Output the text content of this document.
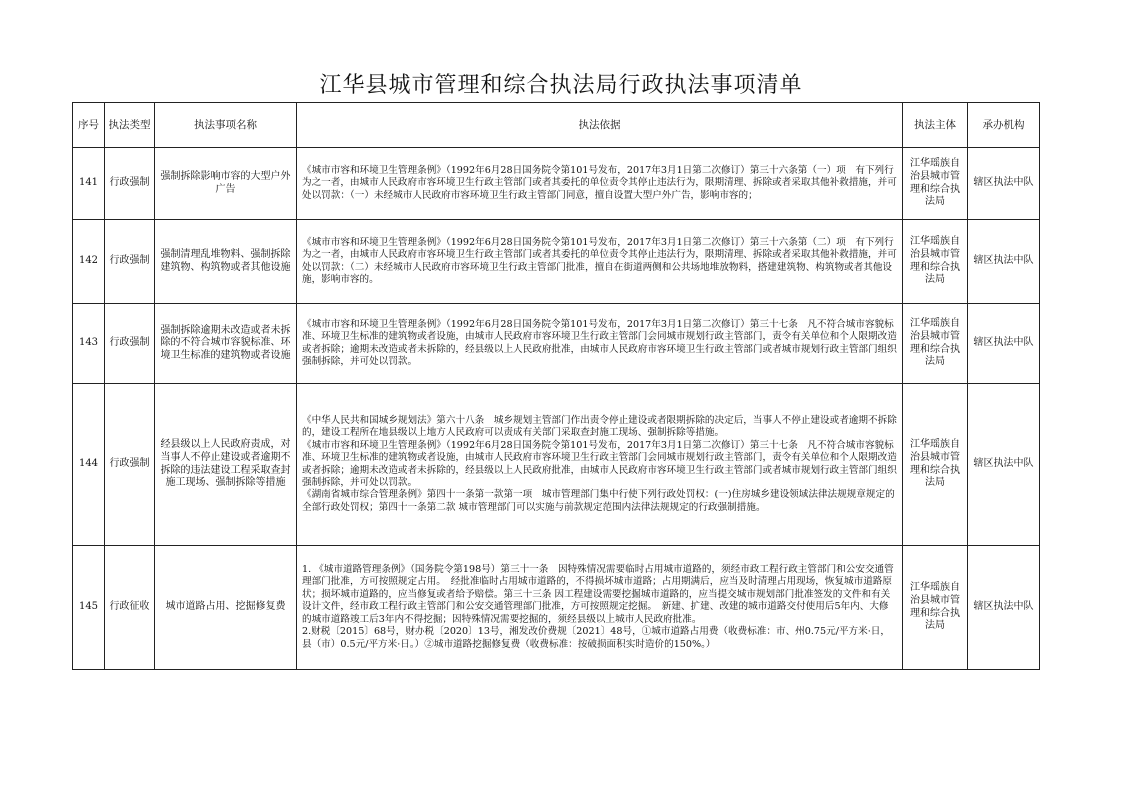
江华县城市管理和综合执法局行政执法事项清单
序号	执法类型	执法事项名称	执法依据	执法主体	承办机构
141	行政强制	强制拆除影响市容的大型户外广告	《城市市容和环境卫生管理条例》（1992年6月28日国务院令第101号发布，2017年3月1日第二次修订）第三十六条第（一）项　有下列行为之一者，由城市人民政府市容环境卫生行政主管部门或者其委托的单位责令其停止违法行为，限期清理、拆除或者采取其他补救措施，并可处以罚款：（一）未经城市人民政府市容环境卫生行政主管部门同意，擅自设置大型户外广告，影响市容的；	江华瑶族自治县城市管理和综合执法局	辖区执法中队
142	行政强制	强制清理乱堆物料、强制拆除建筑物、构筑物或者其他设施	《城市市容和环境卫生管理条例》（1992年6月28日国务院令第101号发布，2017年3月1日第二次修订）第三十六条第（二）项　有下列行为之一者，由城市人民政府市容环境卫生行政主管部门或者其委托的单位责令其停止违法行为，限期清理、拆除或者采取其他补救措施，并可处以罚款：（二）未经城市人民政府市容环境卫生行政主管部门批准，擅自在街道两侧和公共场地堆放物料，搭建建筑物、构筑物或者其他设施，影响市容的。	江华瑶族自治县城市管理和综合执法局	辖区执法中队
143	行政强制	强制拆除逾期未改造或者未拆除的不符合城市容貌标准、环境卫生标准的建筑物或者设施	《城市市容和环境卫生管理条例》（1992年6月28日国务院令第101号发布，2017年3月1日第二次修订）第三十七条　凡不符合城市容貌标准、环境卫生标准的建筑物或者设施，由城市人民政府市容环境卫生行政主管部门会同城市规划行政主管部门，责令有关单位和个人限期改造或者拆除；逾期未改造或者未拆除的，经县级以上人民政府批准，由城市人民政府市容环境卫生行政主管部门或者城市规划行政主管部门组织强制拆除，并可处以罚款。	江华瑶族自治县城市管理和综合执法局	辖区执法中队
144	行政强制	经县级以上人民政府责成，对当事人不停止建设或者逾期不拆除的违法建设工程采取查封施工现场、强制拆除等措施	《中华人民共和国城乡规划法》第六十八条　城乡规划主管部门作出责令停止建设或者限期拆除的决定后，当事人不停止建设或者逾期不拆除的，建设工程所在地县级以上地方人民政府可以责成有关部门采取查封施工现场、强制拆除等措施。
《城市市容和环境卫生管理条例》（1992年6月28日国务院令第101号发布，2017年3月1日第二次修订）第三十七条　凡不符合城市容貌标准、环境卫生标准的建筑物或者设施，由城市人民政府市容环境卫生行政主管部门会同城市规划行政主管部门，责令有关单位和个人限期改造或者拆除；逾期未改造或者未拆除的，经县级以上人民政府批准，由城市人民政府市容环境卫生行政主管部门或者城市规划行政主管部门组织强制拆除，并可处以罚款。
《湖南省城市综合管理条例》第四十一条第一款第一项　城市管理部门集中行使下列行政处罚权：(一)住房城乡建设领域法律法规规章规定的全部行政处罚权；第四十一条第二款 城市管理部门可以实施与前款规定范围内法律法规规定的行政强制措施。	江华瑶族自治县城市管理和综合执法局	辖区执法中队
145	行政征收	城市道路占用、挖掘修复费	1. 《城市道路管理条例》（国务院令第198号）第三十一条　因特殊情况需要临时占用城市道路的，须经市政工程行政主管部门和公安交通管理部门批准，方可按照规定占用。　经批准临时占用城市道路的，不得损坏城市道路；占用期满后，应当及时清理占用现场，恢复城市道路原状；损坏城市道路的，应当修复或者给予赔偿。第三十三条 因工程建设需要挖掘城市道路的，应当提交城市规划部门批准签发的文件和有关设计文件，经市政工程行政主管部门和公安交通管理部门批准，方可按照规定挖掘。　新建、扩建、改建的城市道路交付使用后5年内、大修的城市道路竣工后3年内不得挖掘；因特殊情况需要挖掘的，须经县级以上城市人民政府批准。
2.财税〔2015〕68号，财办税〔2020〕13号，湘发改价费规〔2021〕48号，①城市道路占用费（收费标准：市、州0.75元/平方米·日，县（市）0.5元/平方米·日。）②城市道路挖掘修复费（收费标准：按破损面积实时造价的150%。）	江华瑶族自治县城市管理和综合执法局	辖区执法中队
